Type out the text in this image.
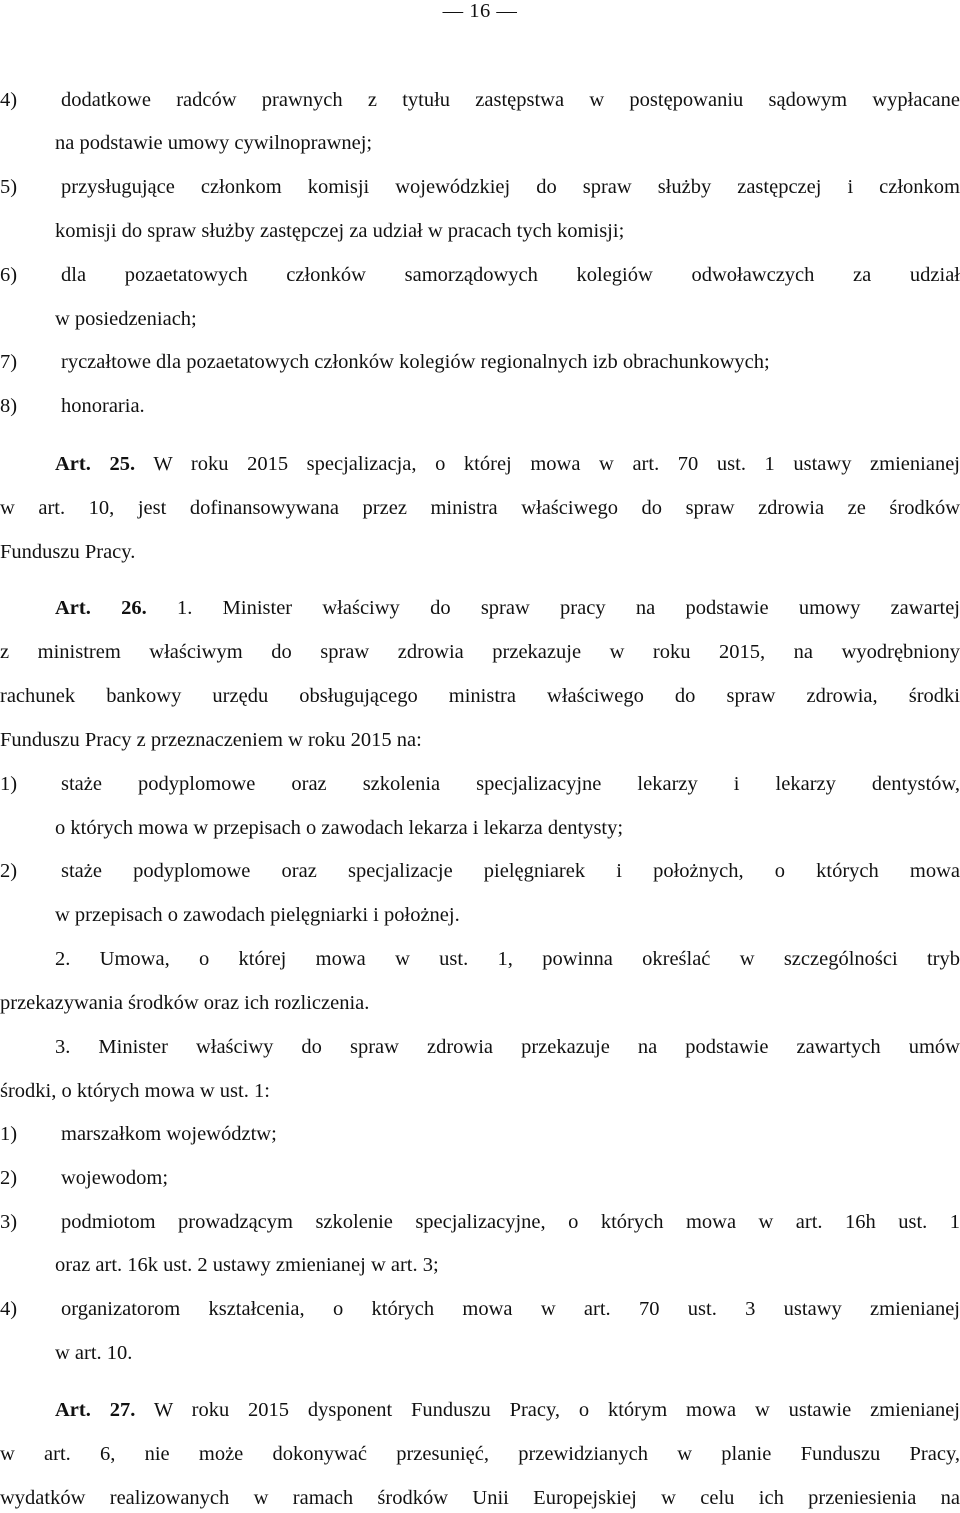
— 16 —
4) dodatkowe radców prawnych z tytułu zastępstwa w postępowaniu sądowym wypłacane
na podstawie umowy cywilnoprawnej;
5) przysługujące członkom komisji wojewódzkiej do spraw służby zastępczej i członkom
komisji do spraw służby zastępczej za udział w pracach tych komisji;
6) dla pozaetatowych członków samorządowych kolegiów odwoławczych za udział
w posiedzeniach;
7) ryczałtowe dla pozaetatowych członków kolegiów regionalnych izb obrachunkowych;
8) honoraria.
Art. 25. W roku 2015 specjalizacja, o której mowa w art. 70 ust. 1 ustawy zmienianej
w art. 10, jest dofinansowywana przez ministra właściwego do spraw zdrowia ze środków
Funduszu Pracy.
Art. 26. 1. Minister właściwy do spraw pracy na podstawie umowy zawartej
z ministrem właściwym do spraw zdrowia przekazuje w roku 2015, na wyodrębniony
rachunek bankowy urzędu obsługującego ministra właściwego do spraw zdrowia, środki
Funduszu Pracy z przeznaczeniem w roku 2015 na:
1) staże podyplomowe oraz szkolenia specjalizacyjne lekarzy i lekarzy dentystów,
o których mowa w przepisach o zawodach lekarza i lekarza dentysty;
2) staże podyplomowe oraz specjalizacje pielęgniarek i położnych, o których mowa
w przepisach o zawodach pielęgniarki i położnej.
2. Umowa, o której mowa w ust. 1, powinna określać w szczególności tryb
przekazywania środków oraz ich rozliczenia.
3. Minister właściwy do spraw zdrowia przekazuje na podstawie zawartych umów
środki, o których mowa w ust. 1:
1) marszałkom województw;
2) wojewodom;
3) podmiotom prowadzącym szkolenie specjalizacyjne, o których mowa w art. 16h ust. 1
oraz art. 16k ust. 2 ustawy zmienianej w art. 3;
4) organizatorom kształcenia, o których mowa w art. 70 ust. 3 ustawy zmienianej
w art. 10.
Art. 27. W roku 2015 dysponent Funduszu Pracy, o którym mowa w ustawie zmienianej
w art. 6, nie może dokonywać przesunięć, przewidzianych w planie Funduszu Pracy,
wydatków realizowanych w ramach środków Unii Europejskiej w celu ich przeniesienia na
